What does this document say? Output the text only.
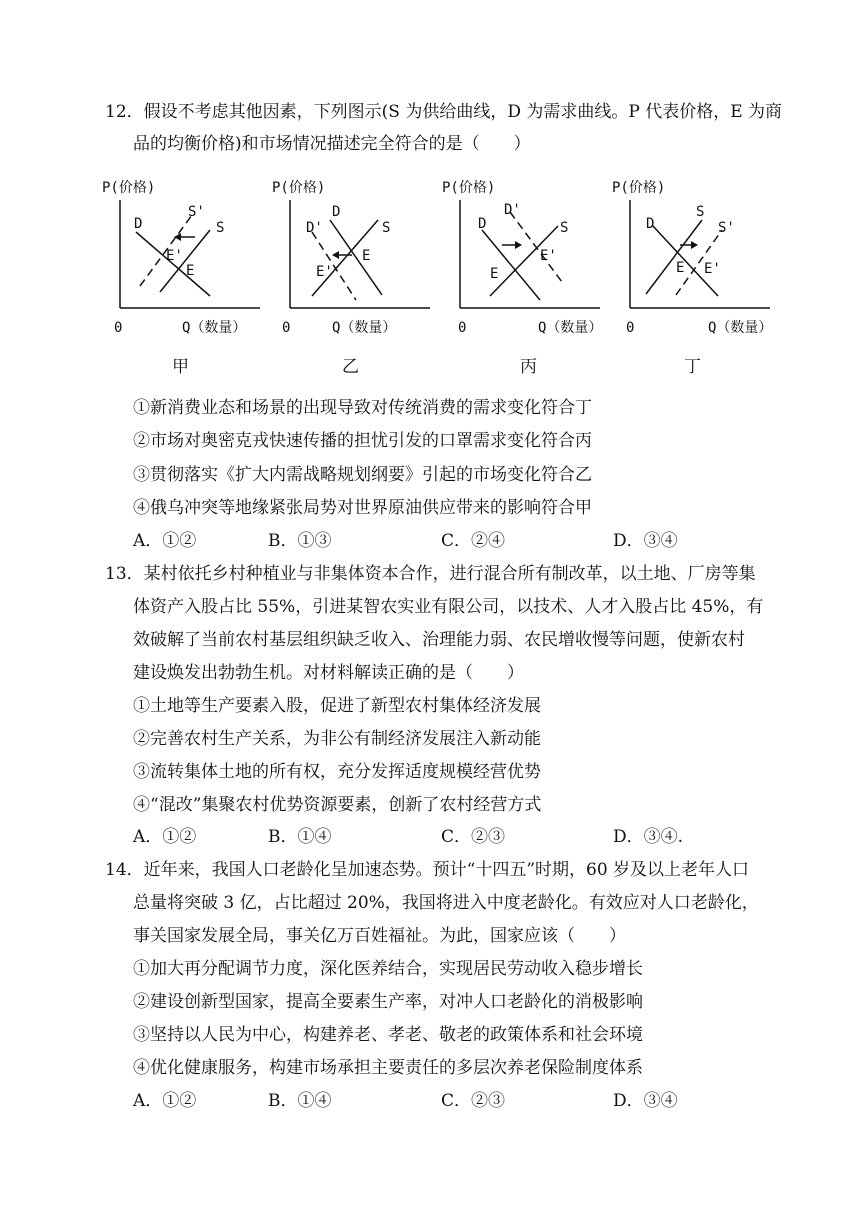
12．假设不考虑其他因素，下列图示(S 为供给曲线，D 为需求曲线。P 代表价格，E 为商
品的均衡价格)和市场情况描述完全符合的是（　　）
P(价格)
0	Q（数量）
D
S'
S
E'
E
甲
P(价格)
0	Q（数量）
D
D'	S
E'
E
乙
P(价格)
0	Q（数量）
D
D'
S
E'
E
丙
P(价格)
0	Q（数量）
D
S
S'
E E'
丁
①新消费业态和场景的出现导致对传统消费的需求变化符合丁
②市场对奥密克戎快速传播的担忧引发的口罩需求变化符合丙
③贯彻落实《扩大内需战略规划纲要》引起的市场变化符合乙
④俄乌冲突等地缘紧张局势对世界原油供应带来的影响符合甲
A．①②	B．①③	C．②④	D．③④
13．某村依托乡村种植业与非集体资本合作，进行混合所有制改革，以土地、厂房等集
体资产入股占比 55%，引进某智农实业有限公司，以技术、人才入股占比 45%，有
效破解了当前农村基层组织缺乏收入、治理能力弱、农民增收慢等问题，使新农村
建设焕发出勃勃生机。对材料解读正确的是（　　）
①土地等生产要素入股，促进了新型农村集体经济发展
②完善农村生产关系，为非公有制经济发展注入新动能
③流转集体土地的所有权，充分发挥适度规模经营优势
④“混改”集聚农村优势资源要素，创新了农村经营方式
A．①②	B．①④	C．②③	D．③④.
14．近年来，我国人口老龄化呈加速态势。预计“十四五”时期，60 岁及以上老年人口
总量将突破 3 亿，占比超过 20%，我国将进入中度老龄化。有效应对人口老龄化，
事关国家发展全局，事关亿万百姓福祉。为此，国家应该（　　）
①加大再分配调节力度，深化医养结合，实现居民劳动收入稳步增长
②建设创新型国家，提高全要素生产率，对冲人口老龄化的消极影响
③坚持以人民为中心，构建养老、孝老、敬老的政策体系和社会环境
④优化健康服务，构建市场承担主要责任的多层次养老保险制度体系
A．①②	B．①④	C．②③	D．③④
